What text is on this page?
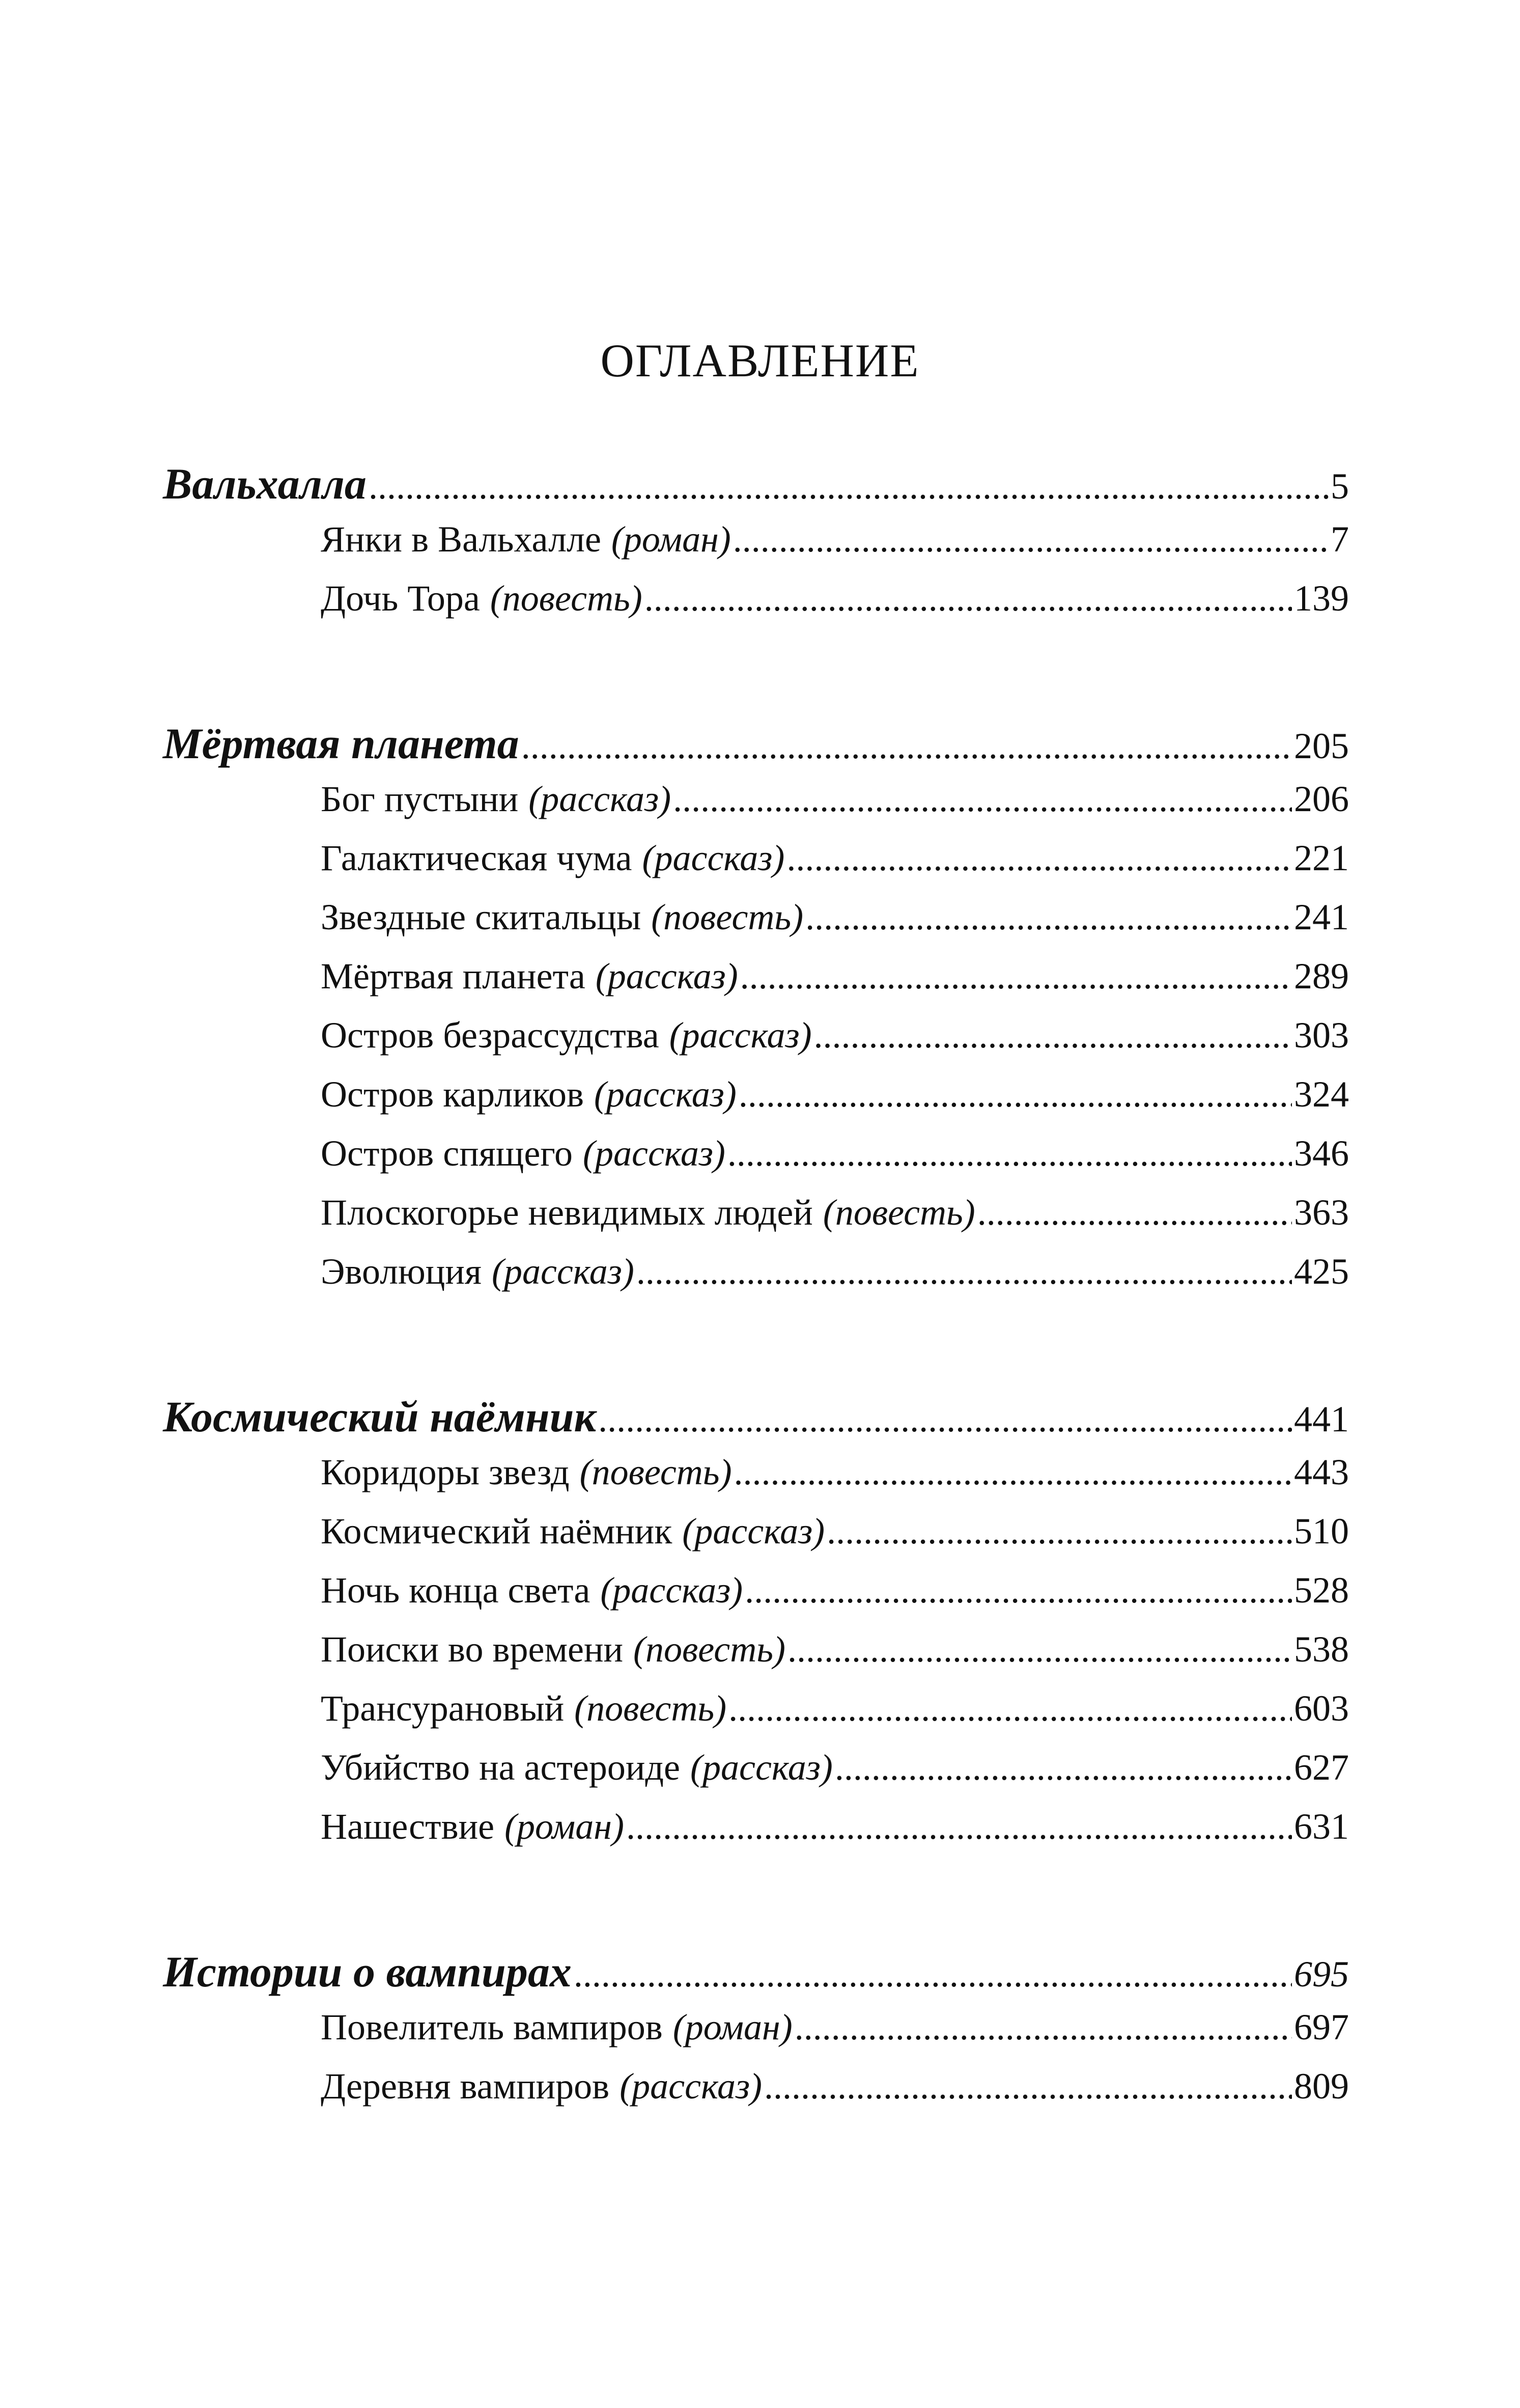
ОГЛАВЛЕНИЕ
Вальхалла .....	5
Янки в Вальхалле (роман) .....	7
Дочь Тора (повесть) .....	139
Мёртвая планета .....	205
Бог пустыни (рассказ) .....	206
Галактическая чума (рассказ) .....	221
Звездные скитальцы (повесть) .....	241
Мёртвая планета (рассказ) .....	289
Остров безрассудства (рассказ) .....	303
Остров карликов (рассказ) .....	324
Остров спящего (рассказ) .....	346
Плоскогорье невидимых людей (повесть) .....	363
Эволюция (рассказ) .....	425
Космический наёмник .....	441
Коридоры звезд (повесть) .....	443
Космический наёмник (рассказ) .....	510
Ночь конца света (рассказ) .....	528
Поиски во времени (повесть) .....	538
Трансурановый (повесть) .....	603
Убийство на астероиде (рассказ) .....	627
Нашествие (роман) .....	631
Истории о вампирах .....	695
Повелитель вампиров (роман) .....	697
Деревня вампиров (рассказ) .....	809
